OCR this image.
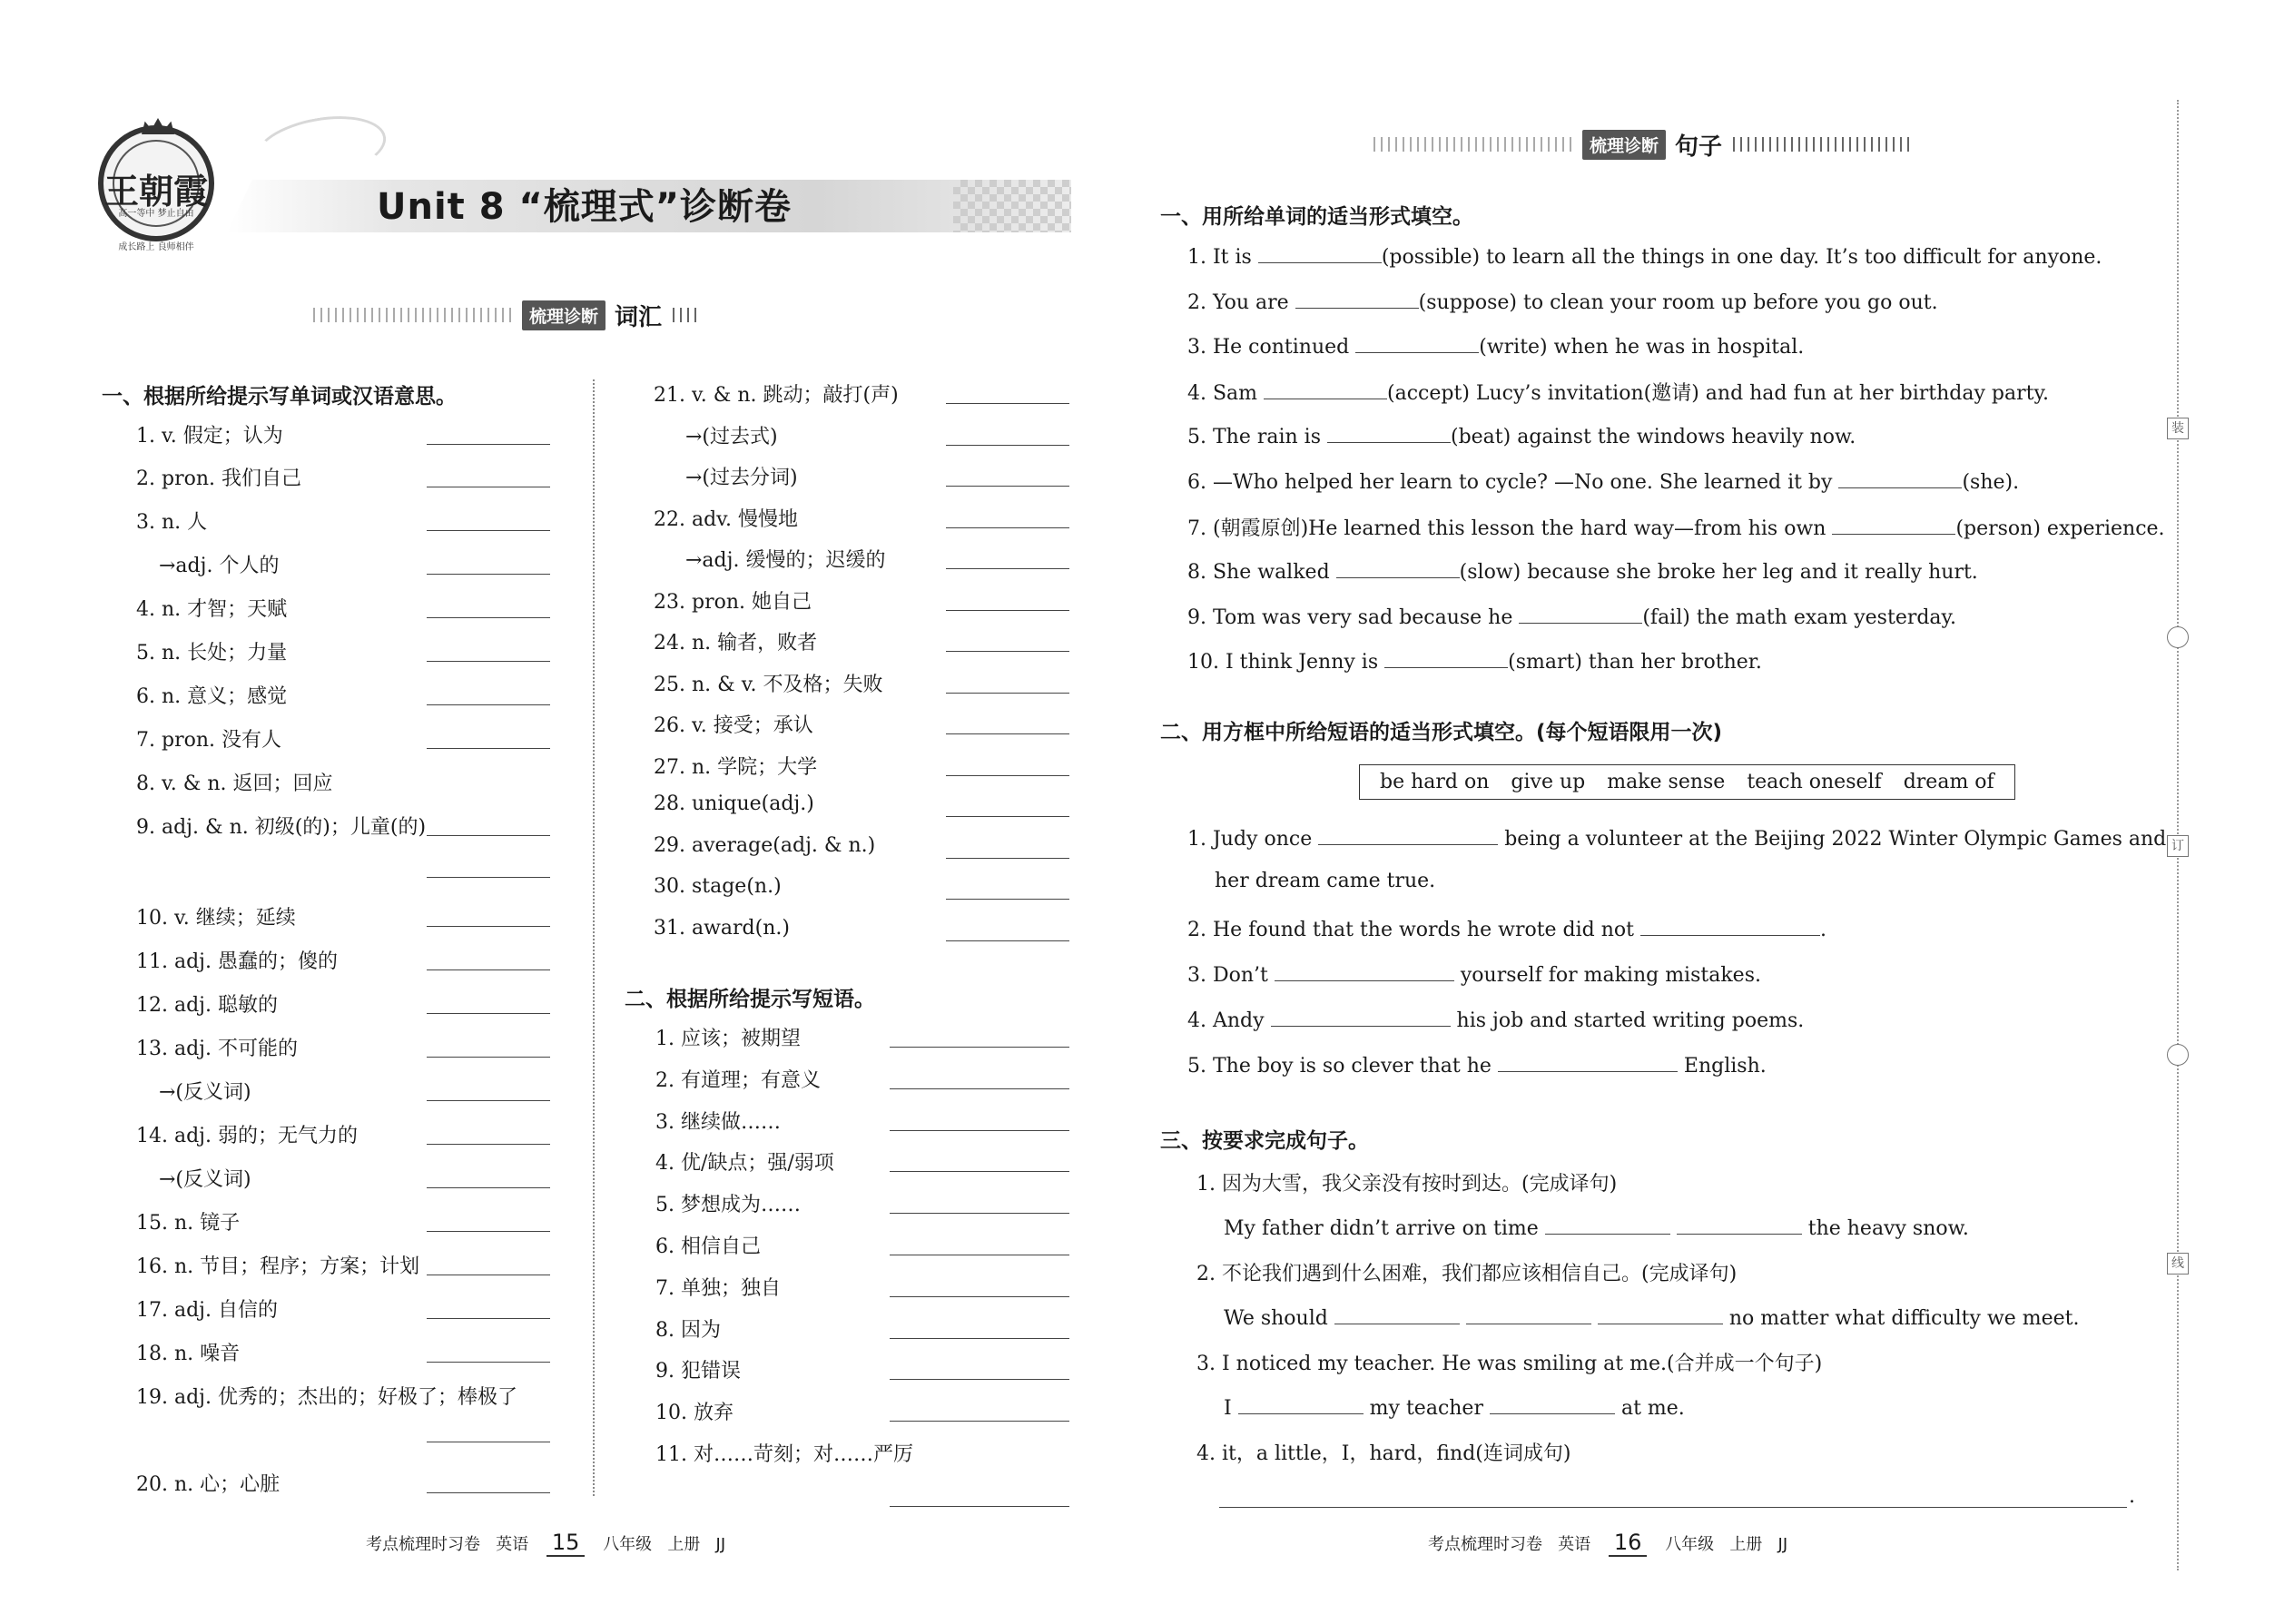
王朝霞
高一等中 梦止自由
成长路上 良师相伴
Unit 8 “梳理式”诊断卷
梳理诊断 词汇
一、根据所给提示写单词或汉语意思。
1. v. 假定；认为
2. pron. 我们自己
3. n. 人
→adj. 个人的
4. n. 才智；天赋
5. n. 长处；力量
6. n. 意义；感觉
7. pron. 没有人
8. v. & n. 返回；回应
9. adj. & n. 初级(的)；儿童(的)
10. v. 继续；延续
11. adj. 愚蠢的；傻的
12. adj. 聪敏的
13. adj. 不可能的
→(反义词)
14. adj. 弱的；无气力的
→(反义词)
15. n. 镜子
16. n. 节目；程序；方案；计划
17. adj. 自信的
18. n. 噪音
19. adj. 优秀的；杰出的；好极了；棒极了
20. n. 心；心脏
21. v. & n. 跳动；敲打(声)
→(过去式)
→(过去分词)
22. adv. 慢慢地
→adj. 缓慢的；迟缓的
23. pron. 她自己
24. n. 输者，败者
25. n. & v. 不及格；失败
26. v. 接受；承认
27. n. 学院；大学
28. unique(adj.)
29. average(adj. & n.)
30. stage(n.)
31. award(n.)
二、根据所给提示写短语。
1. 应该；被期望
2. 有道理；有意义
3. 继续做……
4. 优/缺点；强/弱项
5. 梦想成为……
6. 相信自己
7. 单独；独自
8. 因为
9. 犯错误
10. 放弃
11. 对……苛刻；对……严厉
考点梳理时习卷 英语 15 八年级 上册 JJ
梳理诊断 句子
一、用所给单词的适当形式填空。
1. It is	(possible) to learn all the things in one day. It’s too difficult for anyone.
2. You are	(suppose) to clean your room up before you go out.
3. He continued	(write) when he was in hospital.
4. Sam	(accept) Lucy’s invitation(邀请) and had fun at her birthday party.
5. The rain is	(beat) against the windows heavily now.
6. —Who helped her learn to cycle? —No one. She learned it by	(she).
7. (朝霞原创)He learned this lesson the hard way—from his own	(person) experience.
8. She walked	(slow) because she broke her leg and it really hurt.
9. Tom was very sad because he	(fail) the math exam yesterday.
10. I think Jenny is	(smart) than her brother.
二、用方框中所给短语的适当形式填空。(每个短语限用一次)
be hard on give up make sense teach oneself dream of
1. Judy once	being a volunteer at the Beijing 2022 Winter Olympic Games and
her dream came true.
2. He found that the words he wrote did not	.
3. Don’t	yourself for making mistakes.
4. Andy	his job and started writing poems.
5. The boy is so clever that he	English.
三、按要求完成句子。
1. 因为大雪，我父亲没有按时到达。(完成译句)
My father didn’t arrive on time	the heavy snow.
2. 不论我们遇到什么困难，我们都应该相信自己。(完成译句)
We should	no matter what difficulty we meet.
3. I noticed my teacher. He was smiling at me.(合并成一个句子)
I	my teacher	at me.
4. it，a little，I，hard，find(连词成句)
.
考点梳理时习卷 英语 16 八年级 上册 JJ
装
订
线
